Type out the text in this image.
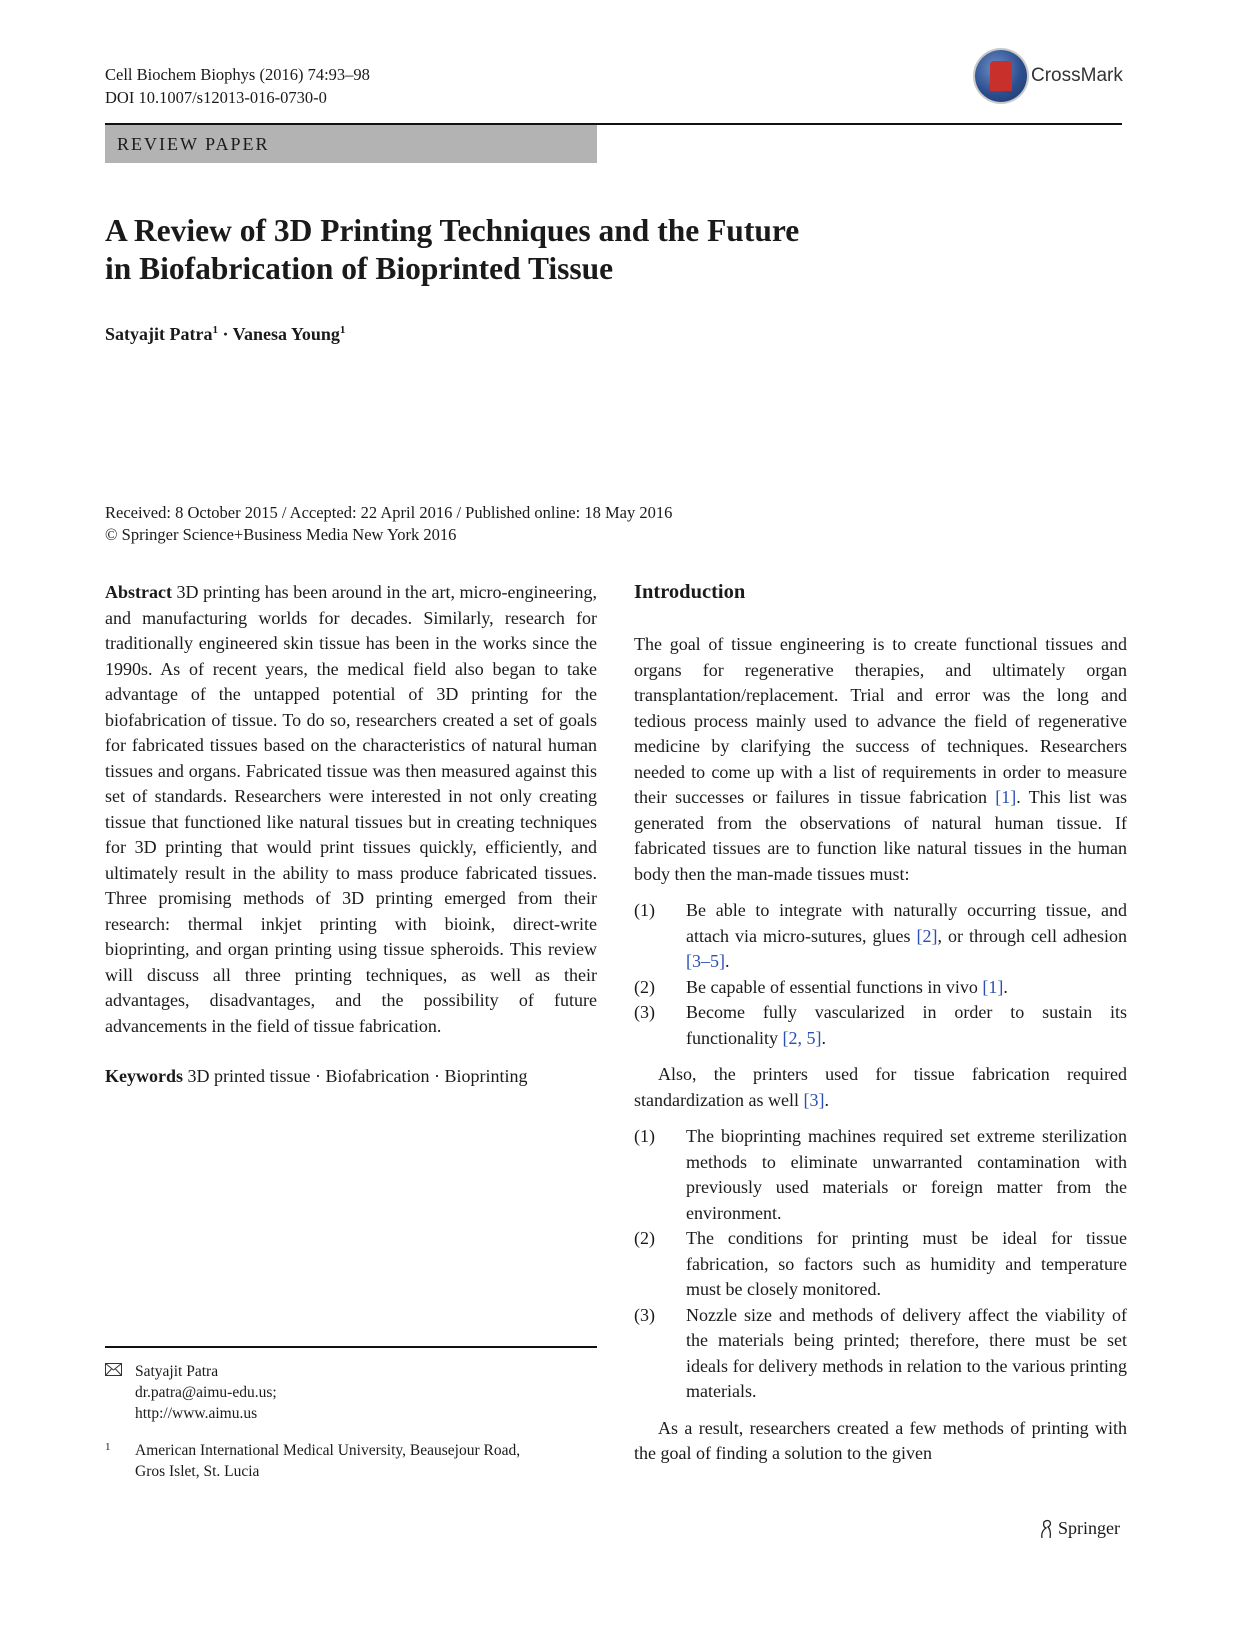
Cell Biochem Biophys (2016) 74:93–98
DOI 10.1007/s12013-016-0730-0
CrossMark
REVIEW PAPER
A Review of 3D Printing Techniques and the Future
in Biofabrication of Bioprinted Tissue
Satyajit Patra$^1$ · Vanesa Young$^1$
Received: 8 October 2015 / Accepted: 22 April 2016 / Published online: 18 May 2016
© Springer Science+Business Media New York 2016

Abstract 3D printing has been around in the art, micro-engineering, and manufacturing worlds for decades. Similarly, research for traditionally engineered skin tissue has been in the works since the 1990s. As of recent years, the medical field also began to take advantage of the untapped potential of 3D printing for the biofabrication of tissue. To do so, researchers created a set of goals for fabricated tissues based on the characteristics of natural human tissues and organs. Fabricated tissue was then measured against this set of standards. Researchers were interested in not only creating tissue that functioned like natural tissues but in creating techniques for 3D printing that would print tissues quickly, efficiently, and ultimately result in the ability to mass produce fabricated tissues. Three promising methods of 3D printing emerged from their research: thermal inkjet printing with bioink, direct-write bioprinting, and organ printing using tissue spheroids. This review will discuss all three printing techniques, as well as their advantages, disadvantages, and the possibility of future advancements in the field of tissue fabrication.

Keywords 3D printed tissue · Biofabrication · Bioprinting

Satyajit Patra
dr.patra@aimu-edu.us;
http://www.aimu.us
1 American International Medical University, Beausejour Road, Gros Islet, St. Lucia
Introduction

The goal of tissue engineering is to create functional tissues and organs for regenerative therapies, and ultimately organ transplantation/replacement. Trial and error was the long and tedious process mainly used to advance the field of regenerative medicine by clarifying the success of techniques. Researchers needed to come up with a list of requirements in order to measure their successes or failures in tissue fabrication [1]. This list was generated from the observations of natural human tissue. If fabricated tissues are to function like natural tissues in the human body then the man-made tissues must:

(1)	Be able to integrate with naturally occurring tissue, and attach via micro-sutures, glues [2], or through cell adhesion [3–5].
(2)	Be capable of essential functions in vivo [1].
(3)	Become fully vascularized in order to sustain its functionality [2, 5].

Also, the printers used for tissue fabrication required standardization as well [3].

(1)	The bioprinting machines required set extreme sterilization methods to eliminate unwarranted contamination with previously used materials or foreign matter from the environment.
(2)	The conditions for printing must be ideal for tissue fabrication, so factors such as humidity and temperature must be closely monitored.
(3)	Nozzle size and methods of delivery affect the viability of the materials being printed; therefore, there must be set ideals for delivery methods in relation to the various printing materials.

As a result, researchers created a few methods of printing with the goal of finding a solution to the given

Springer
